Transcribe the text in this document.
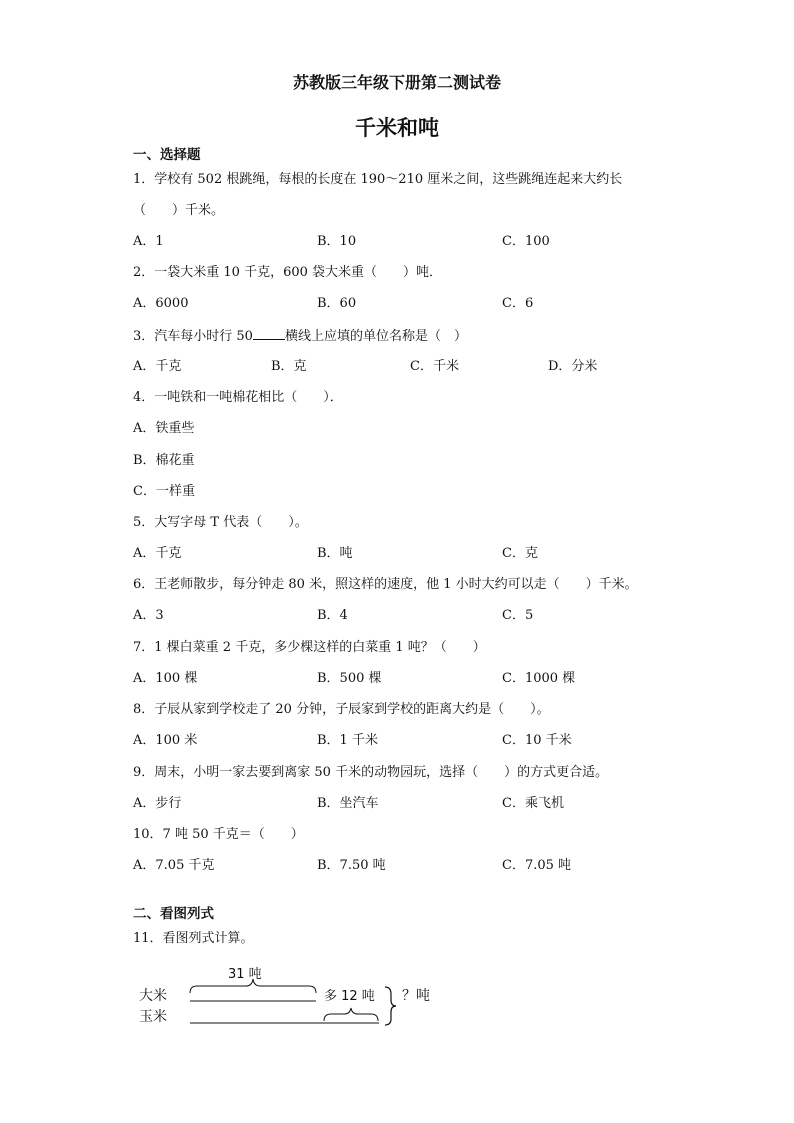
苏教版三年级下册第二测试卷
千米和吨
一、选择题
1．学校有 502 根跳绳，每根的长度在 190～210 厘米之间，这些跳绳连起来大约长
（　　）千米。
A．1	B．10	C．100
2．一袋大米重 10 千克，600 袋大米重（　　）吨．
A．6000	B．60	C．6
3．汽车每小时行 50 横线上应填的单位名称是（　）
A．千克	B．克	C．千米	D．分米
4．一吨铁和一吨棉花相比（　　）．
A．铁重些
B．棉花重
C．一样重
5．大写字母 T 代表（　　）。
A．千克	B．吨	C．克
6．王老师散步，每分钟走 80 米，照这样的速度，他 1 小时大约可以走（　　）千米。
A．3	B．4	C．5
7．1 棵白菜重 2 千克，多少棵这样的白菜重 1 吨？（　　）
A．100 棵	B．500 棵	C．1000 棵
8．子辰从家到学校走了 20 分钟，子辰家到学校的距离大约是（　　）。
A．100 米	B．1 千米	C．10 千米
9．周末，小明一家去要到离家 50 千米的动物园玩，选择（　　）的方式更合适。
A．步行	B．坐汽车	C．乘飞机
10．7 吨 50 千克＝（　　）
A．7.05 千克	B．7.50 吨	C．7.05 吨
二、看图列式
11．看图列式计算。
大米
玉米
31 吨
多 12 吨 ？吨
